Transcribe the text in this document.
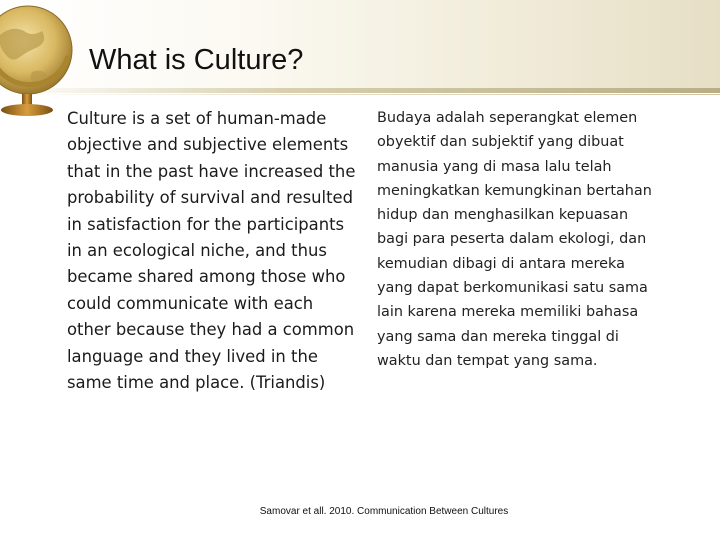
What is Culture?
Culture is a set of human-made objective and subjective elements that in the past have increased the probability of survival and resulted in satisfaction for the participants in an ecological niche, and thus became shared among those who could communicate with each other because they had a common language and they lived in the same time and place. (Triandis)
Budaya adalah seperangkat elemen obyektif dan subjektif yang dibuat manusia yang di masa lalu telah meningkatkan kemungkinan bertahan hidup dan menghasilkan kepuasan bagi para peserta dalam ekologi, dan kemudian dibagi di antara mereka yang dapat berkomunikasi satu sama lain karena mereka memiliki bahasa yang sama dan mereka tinggal di waktu dan tempat yang sama.
Samovar et all. 2010. Communication Between Cultures
